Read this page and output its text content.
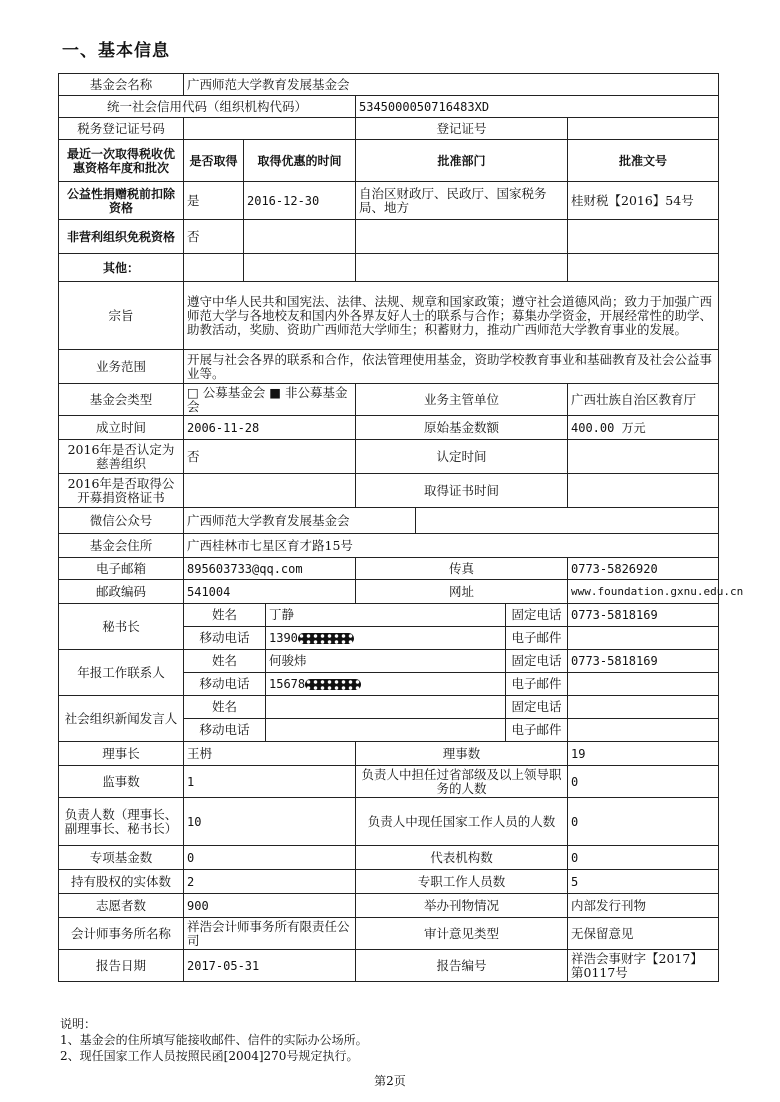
一、基本信息
基金会名称	广西师范大学教育发展基金会						
统一社会信用代码（组织机构代码）				53450000507164​83XD			
税务登记证号码				登记证号			
最近一次取得税收优惠资格年度和批次	是否取得	取得优惠的时间		批准部门			批准文号
公益性捐赠税前扣除资格	是	2016-12-30		自治区财政厅、民政厅、国家税务局、地方			桂财税【2016】54号
非营利组织免税资格	否						
其他：							
宗旨	遵守中华人民共和国宪法、法律、法规、规章和国家政策；遵守社会道德风尚；致力于加强广西师范大学与各地校友和国内外各界友好人士的联系与合作；募集办学资金，开展经常性的助学、助教活动，奖励、资助广西师范大学师生；积蓄财力，推动广西师范大学教育事业的发展。						
业务范围	开展与社会各界的联系和合作，依法管理使用基金，资助学校教育事业和基础教育及社会公益事业等。						
基金会类型	□ 公募基金会 ■ 非公募基金会			业务主管单位			广西壮族自治区教育厅
成立时间	2006-11-28			原始基金数额			400.00 万元
2016年是否认定为慈善组织	否			认定时间			
2016年是否取得公开募捐资格证书				取得证书时间			
微信公众号	广西师范大学教育发展基金会						
基金会住所	广西桂林市七星区育才路15号						
电子邮箱	895603733@qq.com			传真			0773-5826920
邮政编码	541004			网址			www.foundation.gxnu.edu.cn
秘书长	姓名		丁静			固定电话	0773-5818169
	移动电话		1390			电子邮件	
年报工作联系人	姓名		何骏炜			固定电话	0773-5818169
	移动电话		15678			电子邮件	
社会组织新闻发言人	姓名					固定电话	
	移动电话					电子邮件	
理事长	王枬			理事数			19
监事数	1			负责人中担任过省部级及以上领导职务的人数			0
负责人数（理事长、副理事长、秘书长）	10			负责人中现任国家工作人员的人数			0
专项基金数	0			代表机构数			0
持有股权的实体数	2			专职工作人员数			5
志愿者数	900			举办刊物情况			内部发行刊物
会计师事务所名称	祥浩会计师事务所有限责任公司			审计意见类型			无保留意见
报告日期	2017-05-31			报告编号			祥浩会事财字【2017】第0117号
说明：
1、基金会的住所填写能接收邮件、信件的实际办公场所。
2、现任国家工作人员按照民函[2004]270号规定执行。
第2页
